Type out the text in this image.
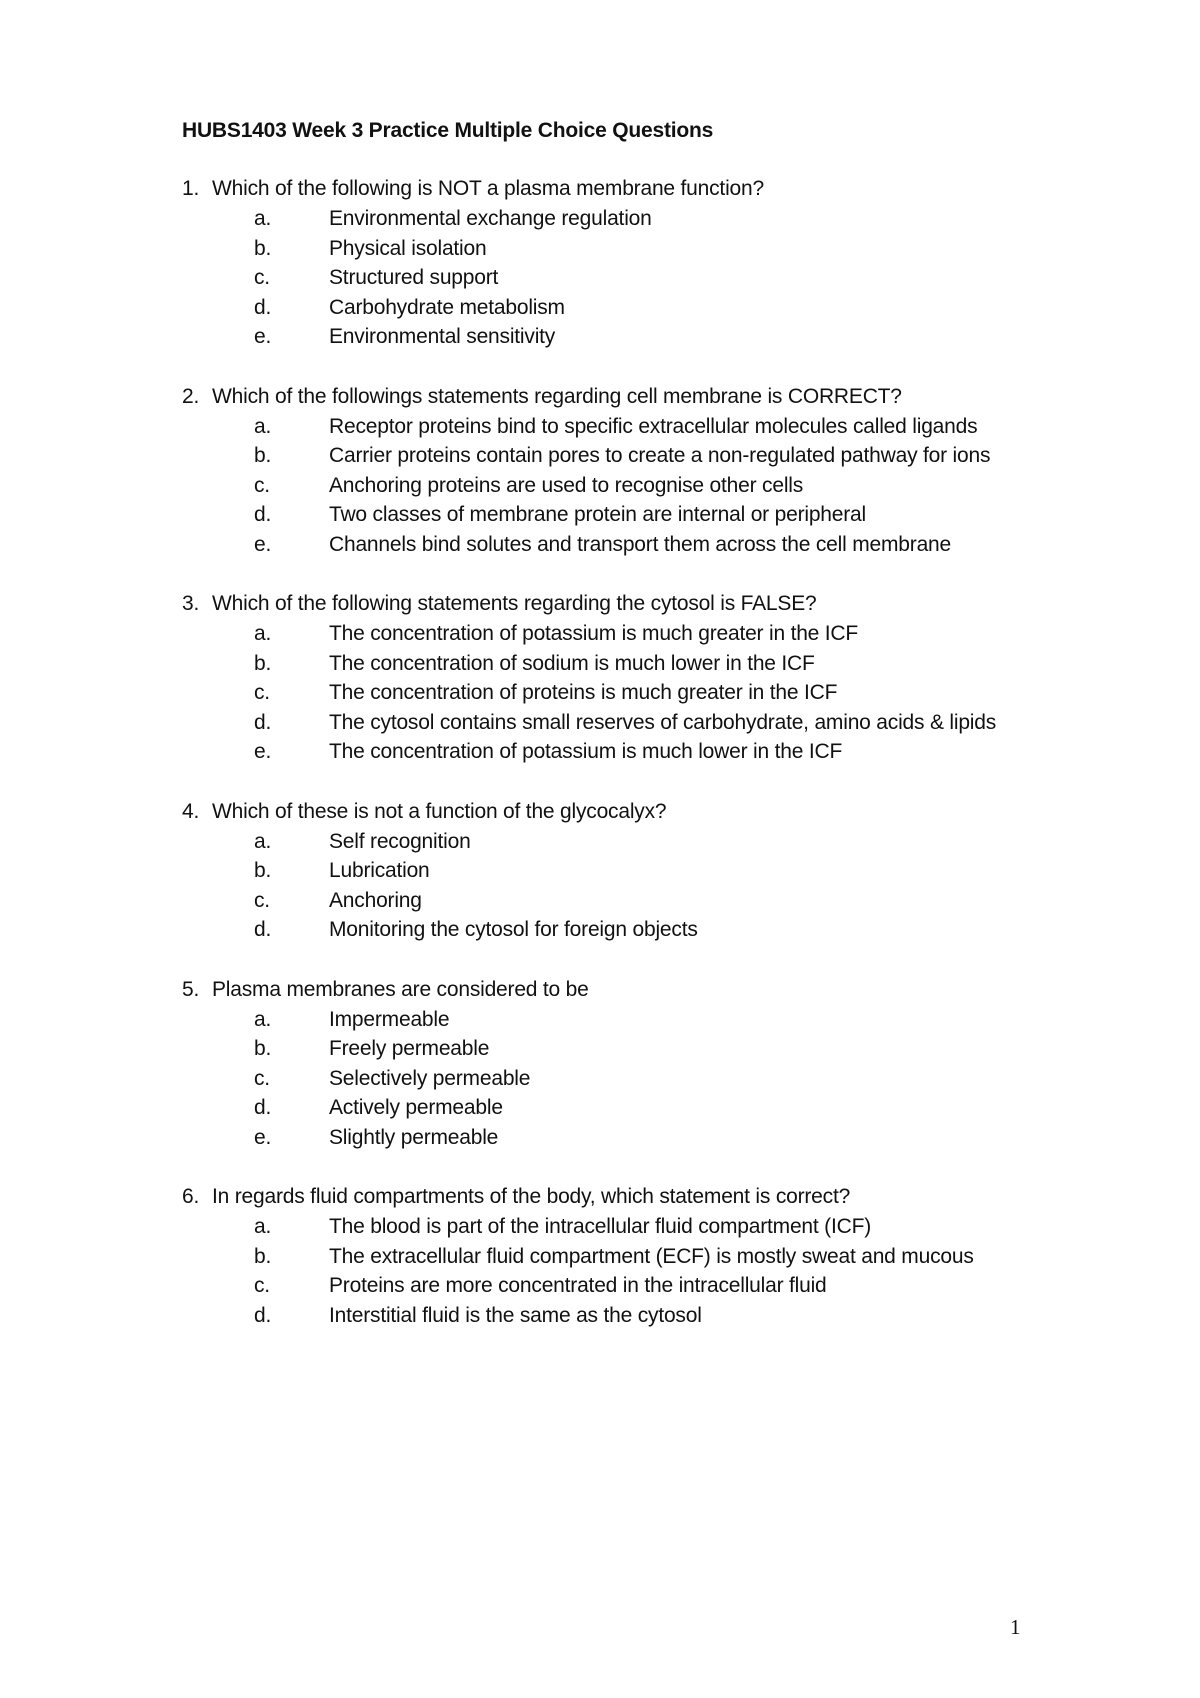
HUBS1403 Week 3 Practice Multiple Choice Questions
1. Which of the following is NOT a plasma membrane function?
a.	Environmental exchange regulation
b.	Physical isolation
c.	Structured support
d.	Carbohydrate metabolism
e.	Environmental sensitivity
2. Which of the followings statements regarding cell membrane is CORRECT?
a.	Receptor proteins bind to specific extracellular molecules called ligands
b.	Carrier proteins contain pores to create a non-regulated pathway for ions
c.	Anchoring proteins are used to recognise other cells
d.	Two classes of membrane protein are internal or peripheral
e.	Channels bind solutes and transport them across the cell membrane
3. Which of the following statements regarding the cytosol is FALSE?
a.	The concentration of potassium is much greater in the ICF
b.	The concentration of sodium is much lower in the ICF
c.	The concentration of proteins is much greater in the ICF
d.	The cytosol contains small reserves of carbohydrate, amino acids & lipids
e.	The concentration of potassium is much lower in the ICF
4. Which of these is not a function of the glycocalyx?
a.	Self recognition
b.	Lubrication
c.	Anchoring
d.	Monitoring the cytosol for foreign objects
5. Plasma membranes are considered to be
a.	Impermeable
b.	Freely permeable
c.	Selectively permeable
d.	Actively permeable
e.	Slightly permeable
6. In regards fluid compartments of the body, which statement is correct?
a.	The blood is part of the intracellular fluid compartment (ICF)
b.	The extracellular fluid compartment (ECF) is mostly sweat and mucous
c.	Proteins are more concentrated in the intracellular fluid
d.	Interstitial fluid is the same as the cytosol
1
